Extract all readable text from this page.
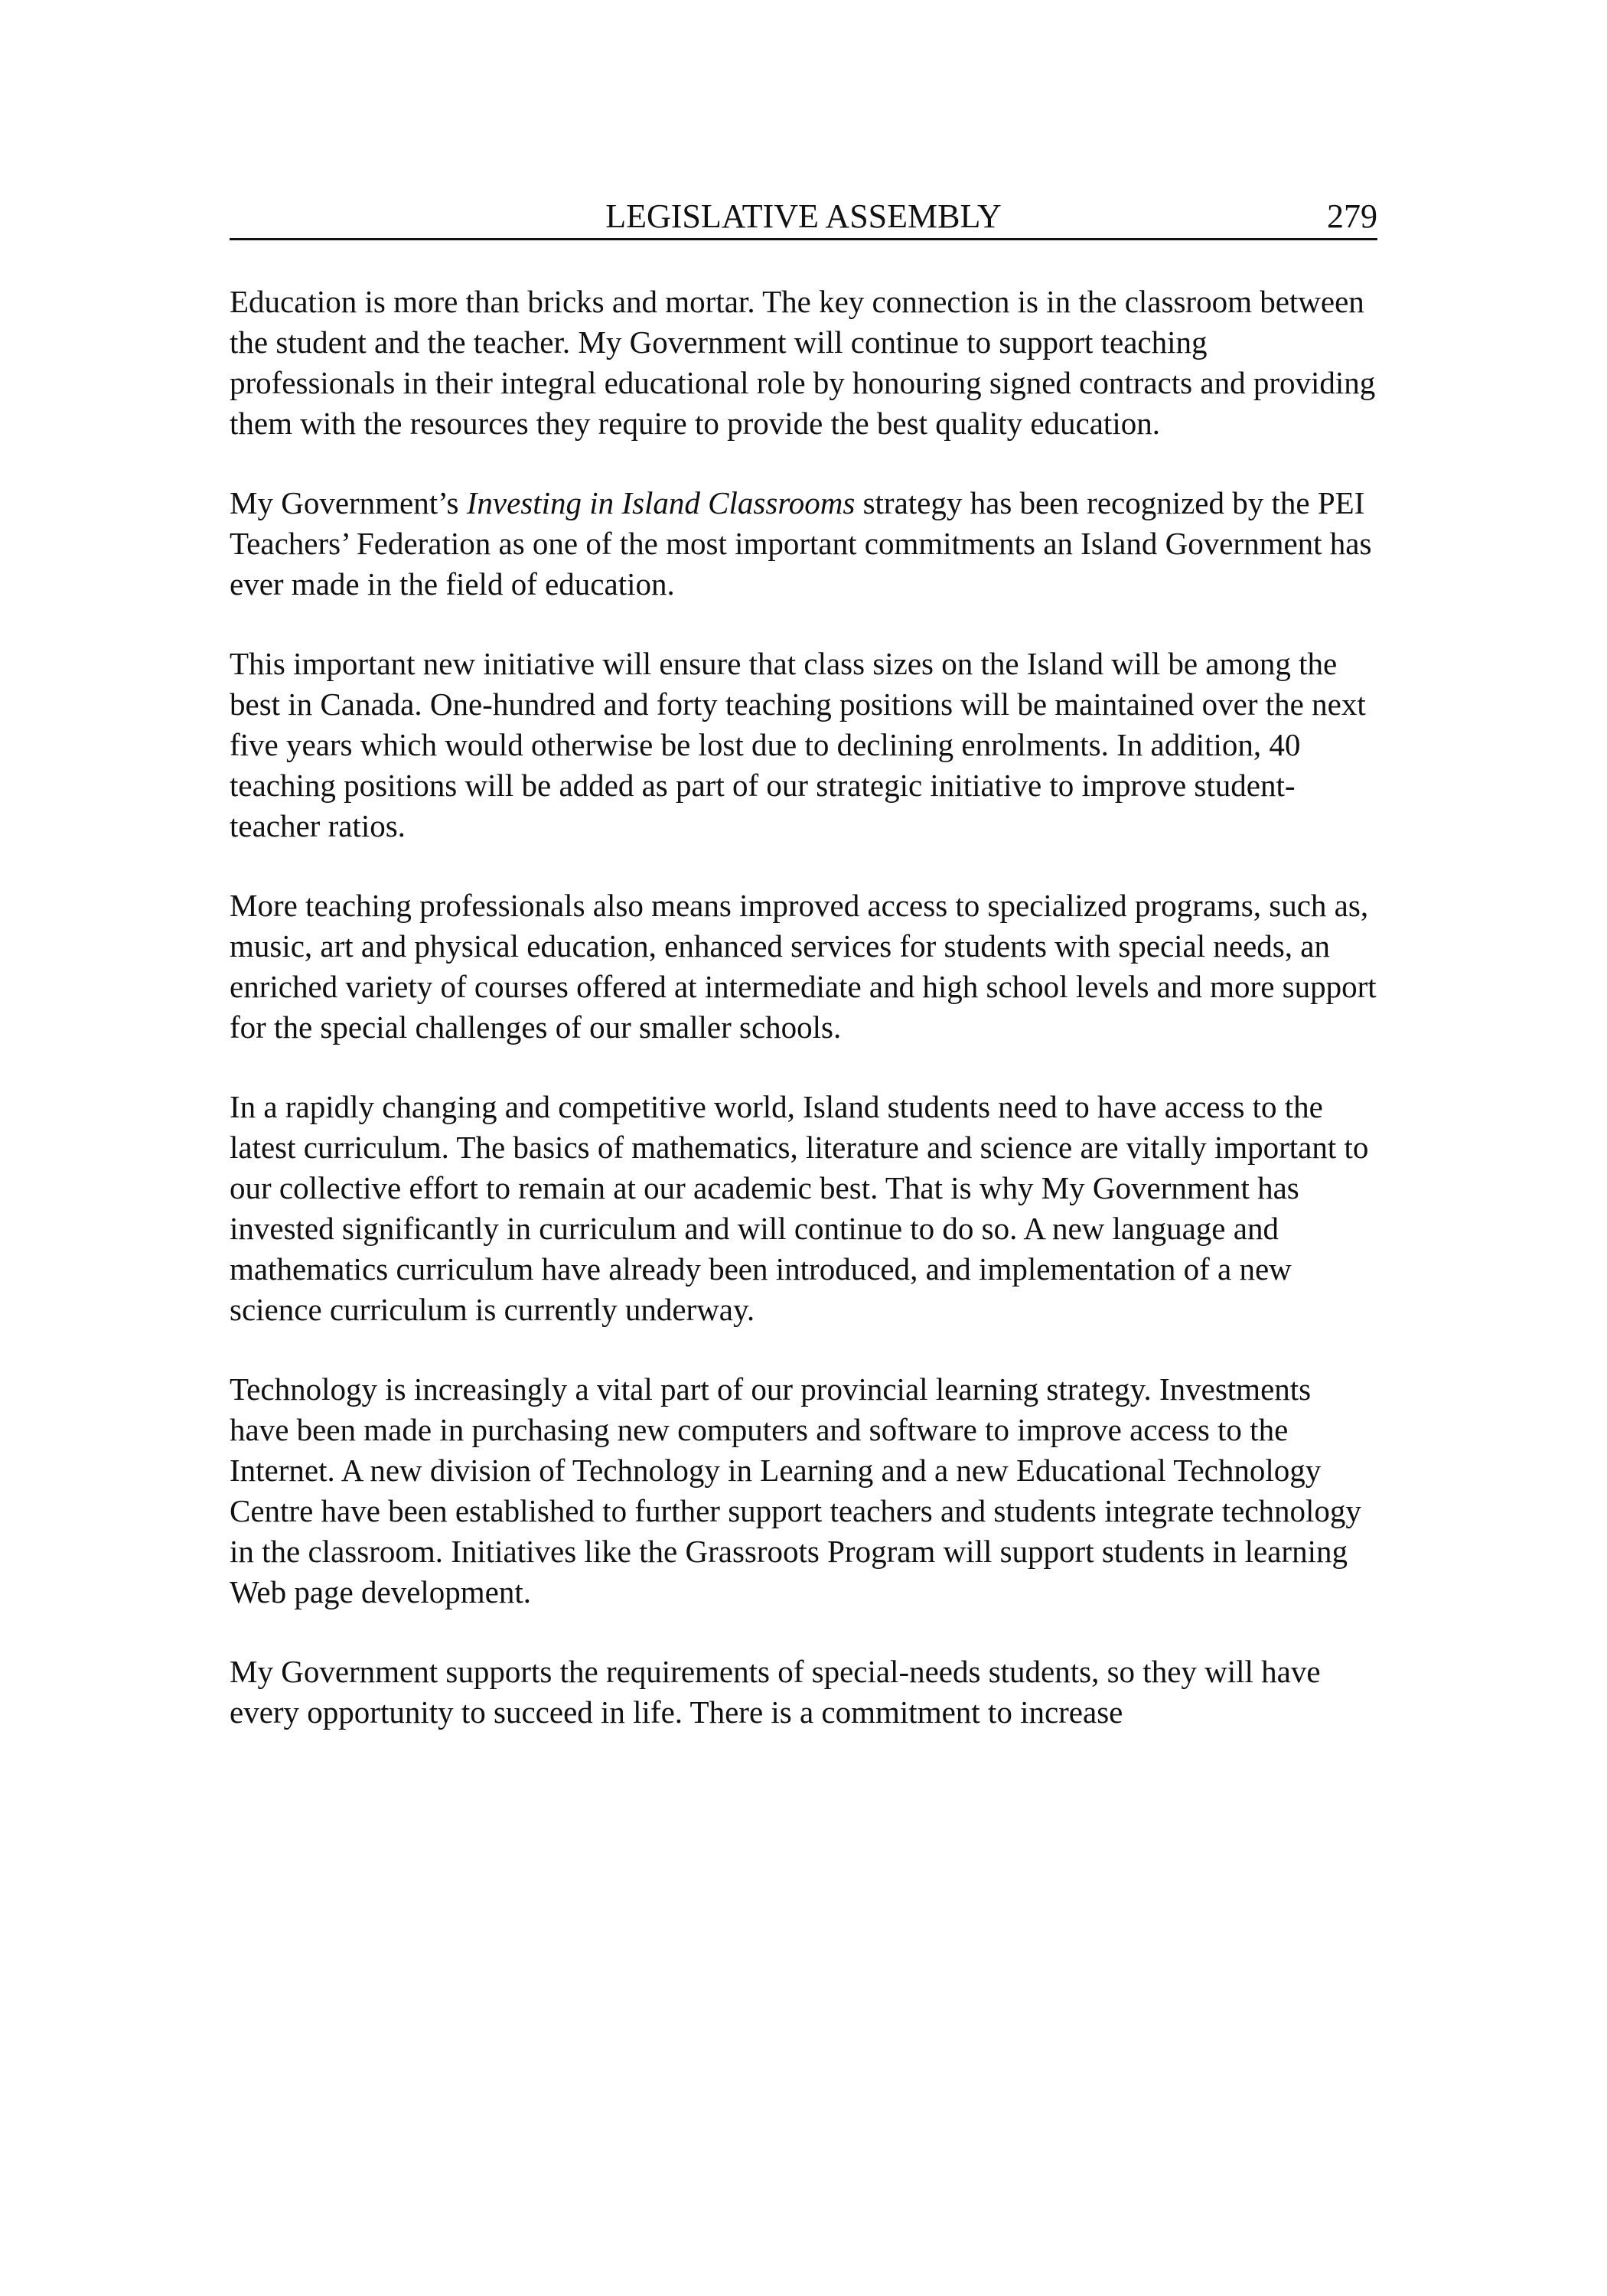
LEGISLATIVE ASSEMBLY	279

Education is more than bricks and mortar. The key connection is in the classroom between the student and the teacher. My Government will continue to support teaching professionals in their integral educational role by honouring signed contracts and providing them with the resources they require to provide the best quality education.

My Government’s Investing in Island Classrooms strategy has been recognized by the PEI Teachers’ Federation as one of the most important commitments an Island Government has ever made in the field of education.

This important new initiative will ensure that class sizes on the Island will be among the best in Canada. One-hundred and forty teaching positions will be maintained over the next five years which would otherwise be lost due to declining enrolments. In addition, 40 teaching positions will be added as part of our strategic initiative to improve student-teacher ratios.

More teaching professionals also means improved access to specialized programs, such as, music, art and physical education, enhanced services for students with special needs, an enriched variety of courses offered at intermediate and high school levels and more support for the special challenges of our smaller schools.

In a rapidly changing and competitive world, Island students need to have access to the latest curriculum. The basics of mathematics, literature and science are vitally important to our collective effort to remain at our academic best. That is why My Government has invested significantly in curriculum and will continue to do so. A new language and mathematics curriculum have already been introduced, and implementation of a new science curriculum is currently underway.

Technology is increasingly a vital part of our provincial learning strategy. Investments have been made in purchasing new computers and software to improve access to the Internet. A new division of Technology in Learning and a new Educational Technology Centre have been established to further support teachers and students integrate technology in the classroom. Initiatives like the Grassroots Program will support students in learning Web page development.

My Government supports the requirements of special-needs students, so they will have every opportunity to succeed in life. There is a commitment to increase
